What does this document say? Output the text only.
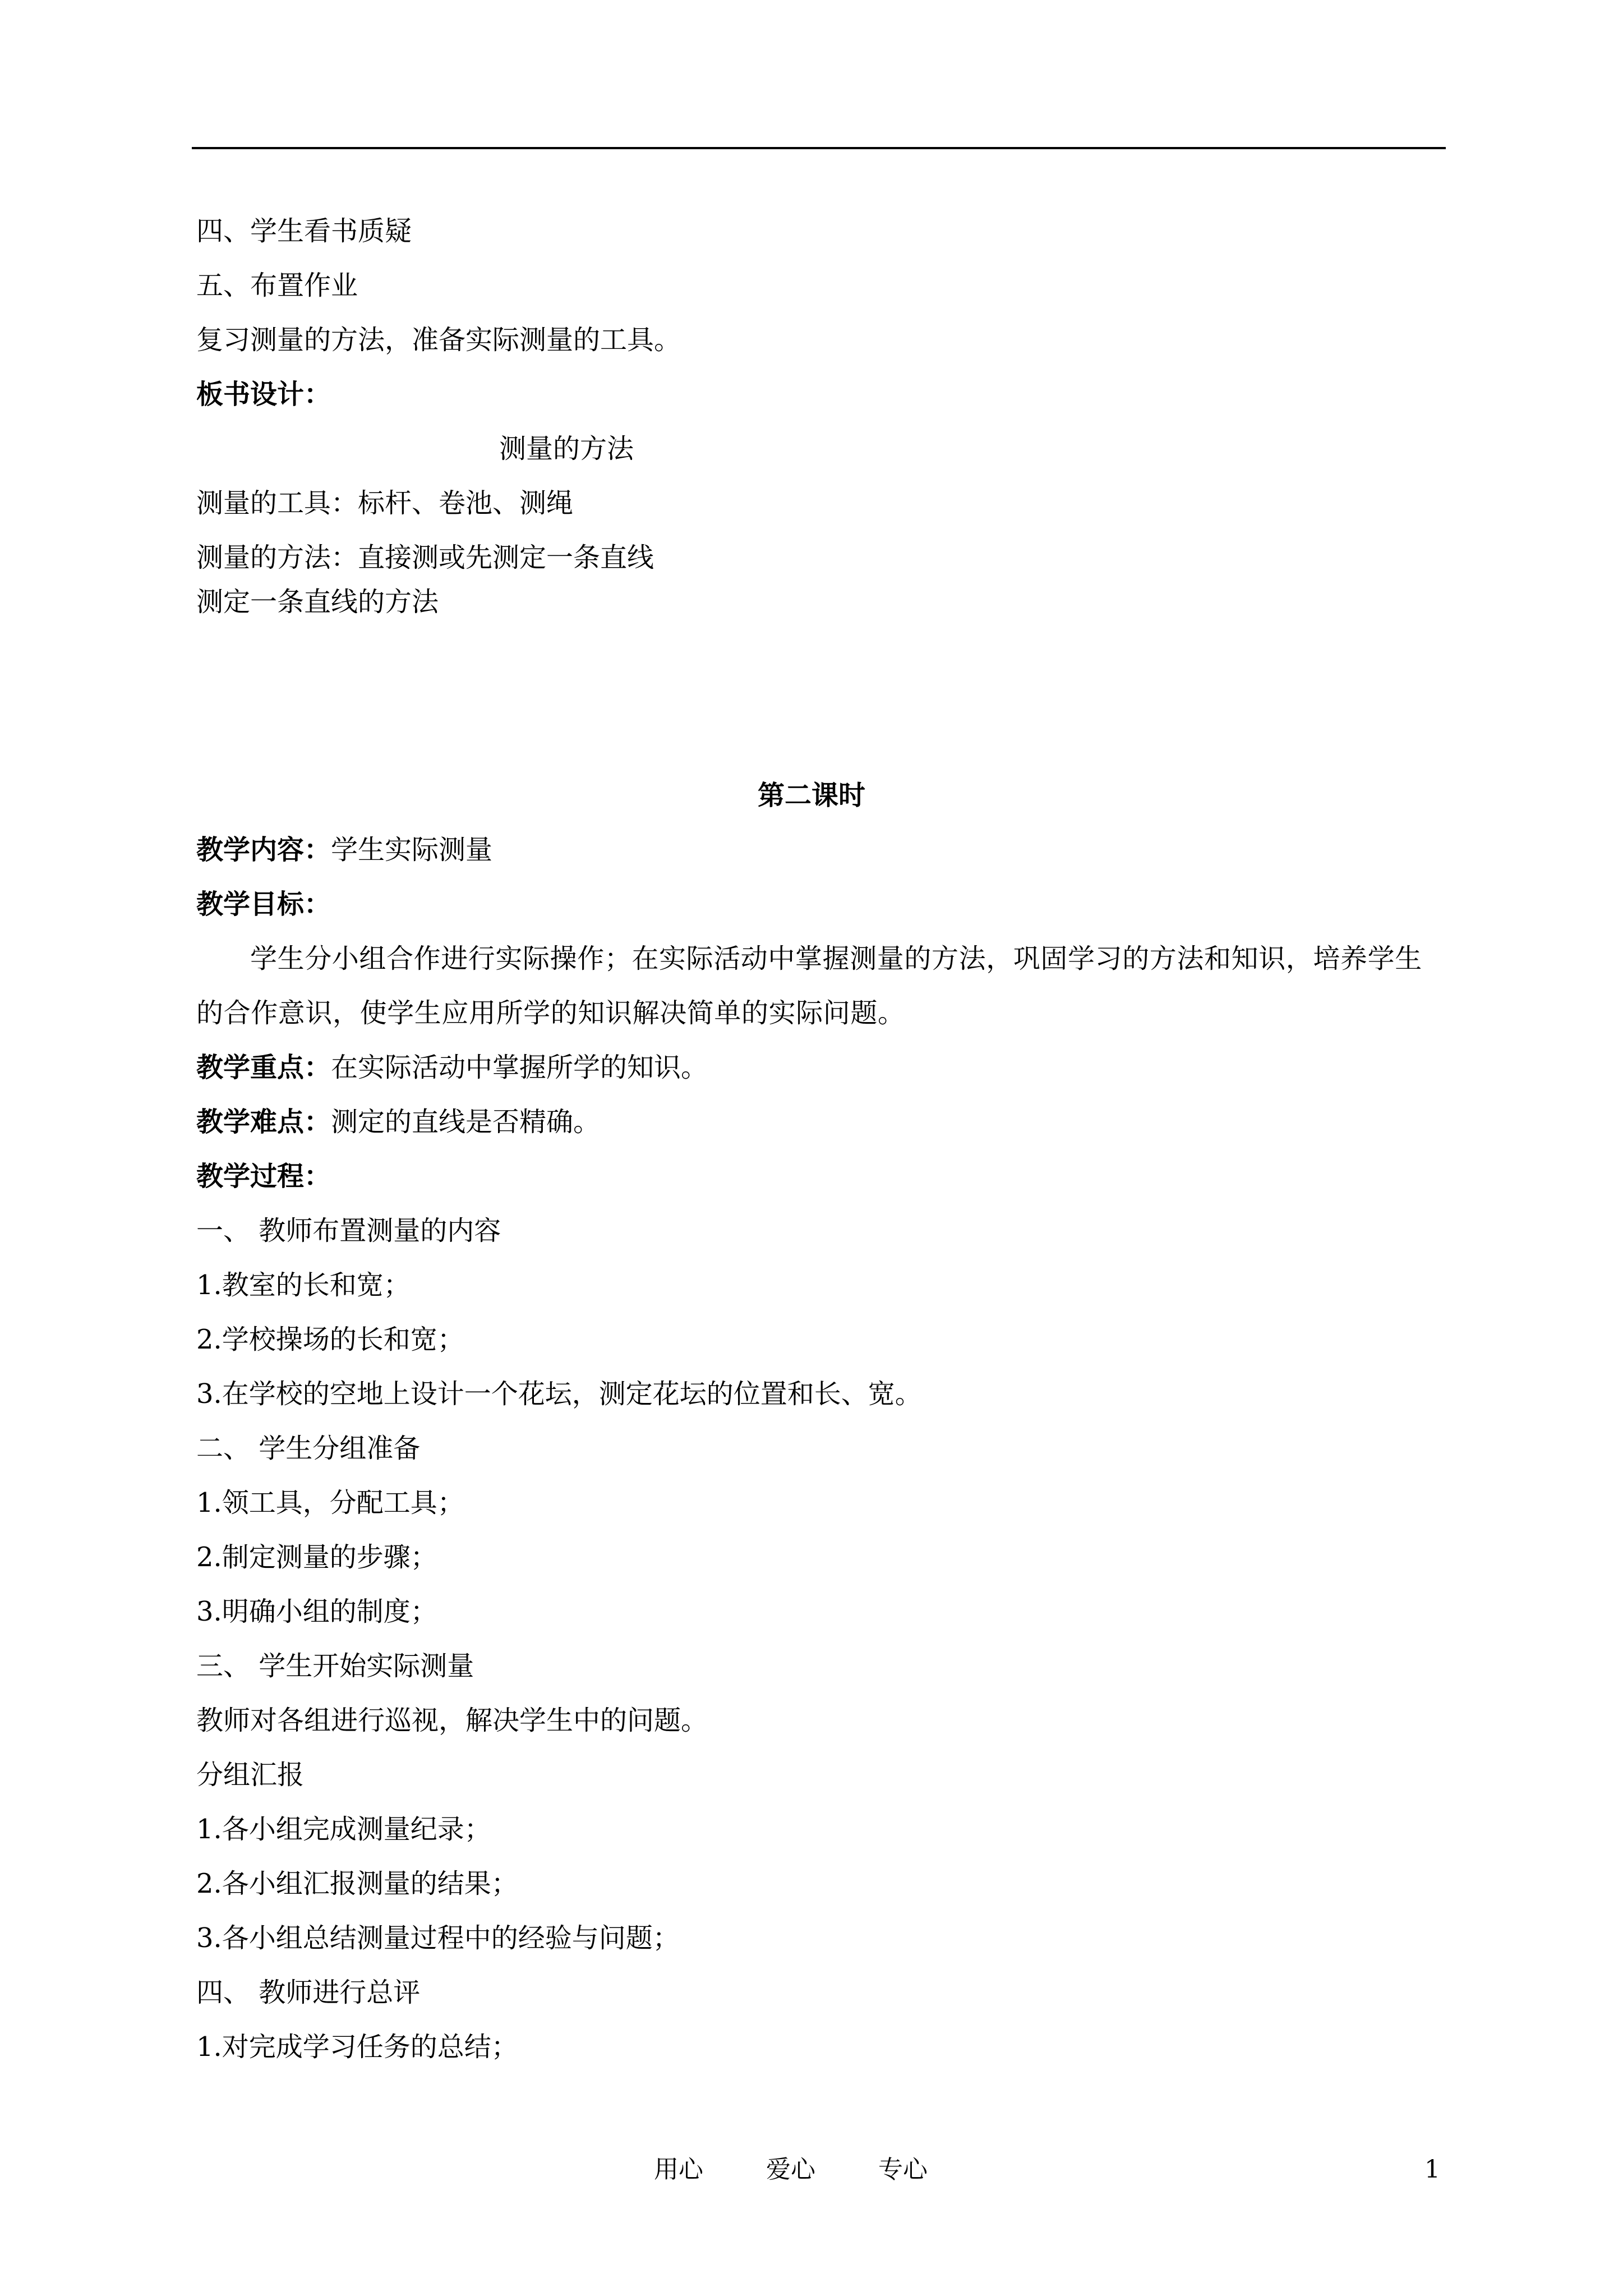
四、学生看书质疑
五、布置作业
复习测量的方法，准备实际测量的工具。
板书设计：
测量的方法
测量的工具：标杆、卷池、测绳
测量的方法：直接测或先测定一条直线
测定一条直线的方法
第二课时
教学内容：学生实际测量
教学目标：
学生分小组合作进行实际操作；在实际活动中掌握测量的方法，巩固学习的方法和知识，培养学生的合作意识，使学生应用所学的知识解决简单的实际问题。
教学重点：在实际活动中掌握所学的知识。
教学难点：测定的直线是否精确。
教学过程：
一、 教师布置测量的内容
1.教室的长和宽；
2.学校操场的长和宽；
3.在学校的空地上设计一个花坛，测定花坛的位置和长、宽。
二、 学生分组准备
1.领工具，分配工具；
2.制定测量的步骤；
3.明确小组的制度；
三、 学生开始实际测量
教师对各组进行巡视，解决学生中的问题。
分组汇报
1.各小组完成测量纪录；
2.各小组汇报测量的结果；
3.各小组总结测量过程中的经验与问题；
四、 教师进行总评
1.对完成学习任务的总结；
用心	爱心	专心	1
